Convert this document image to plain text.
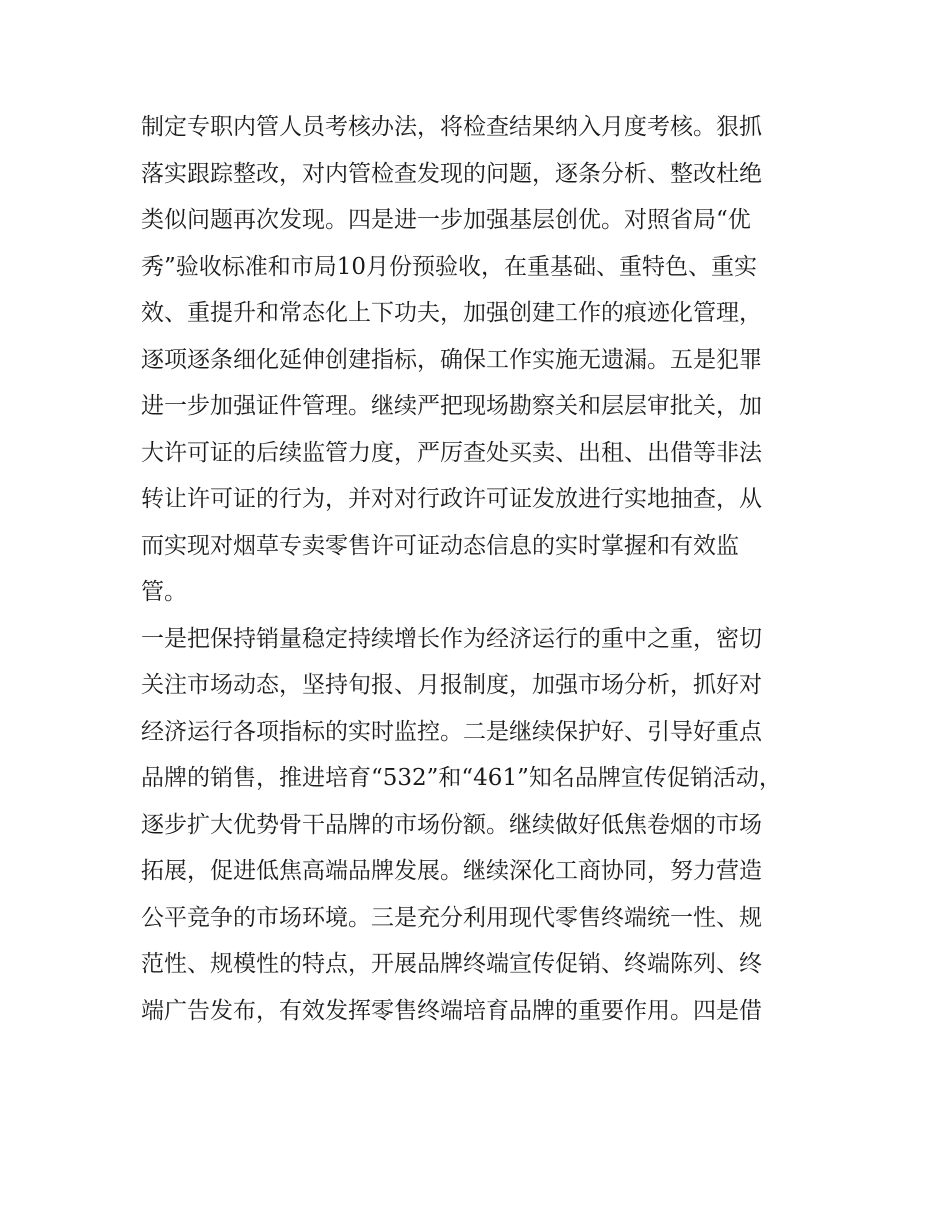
制定专职内管人员考核办法，将检查结果纳入月度考核。狠抓
落实跟踪整改，对内管检查发现的问题，逐条分析、整改杜绝
类似问题再次发现。四是进一步加强基层创优。对照省局“优
秀”验收标准和市局10月份预验收，在重基础、重特色、重实
效、重提升和常态化上下功夫，加强创建工作的痕迹化管理，
逐项逐条细化延伸创建指标，确保工作实施无遗漏。五是犯罪
进一步加强证件管理。继续严把现场勘察关和层层审批关，加
大许可证的后续监管力度，严厉查处买卖、出租、出借等非法
转让许可证的行为，并对对行政许可证发放进行实地抽查，从
而实现对烟草专卖零售许可证动态信息的实时掌握和有效监
管。
一是把保持销量稳定持续增长作为经济运行的重中之重，密切
关注市场动态，坚持旬报、月报制度，加强市场分析，抓好对
经济运行各项指标的实时监控。二是继续保护好、引导好重点
品牌的销售，推进培育“532”和“461”知名品牌宣传促销活动，
逐步扩大优势骨干品牌的市场份额。继续做好低焦卷烟的市场
拓展，促进低焦高端品牌发展。继续深化工商协同，努力营造
公平竞争的市场环境。三是充分利用现代零售终端统一性、规
范性、规模性的特点，开展品牌终端宣传促销、终端陈列、终
端广告发布，有效发挥零售终端培育品牌的重要作用。四是借
